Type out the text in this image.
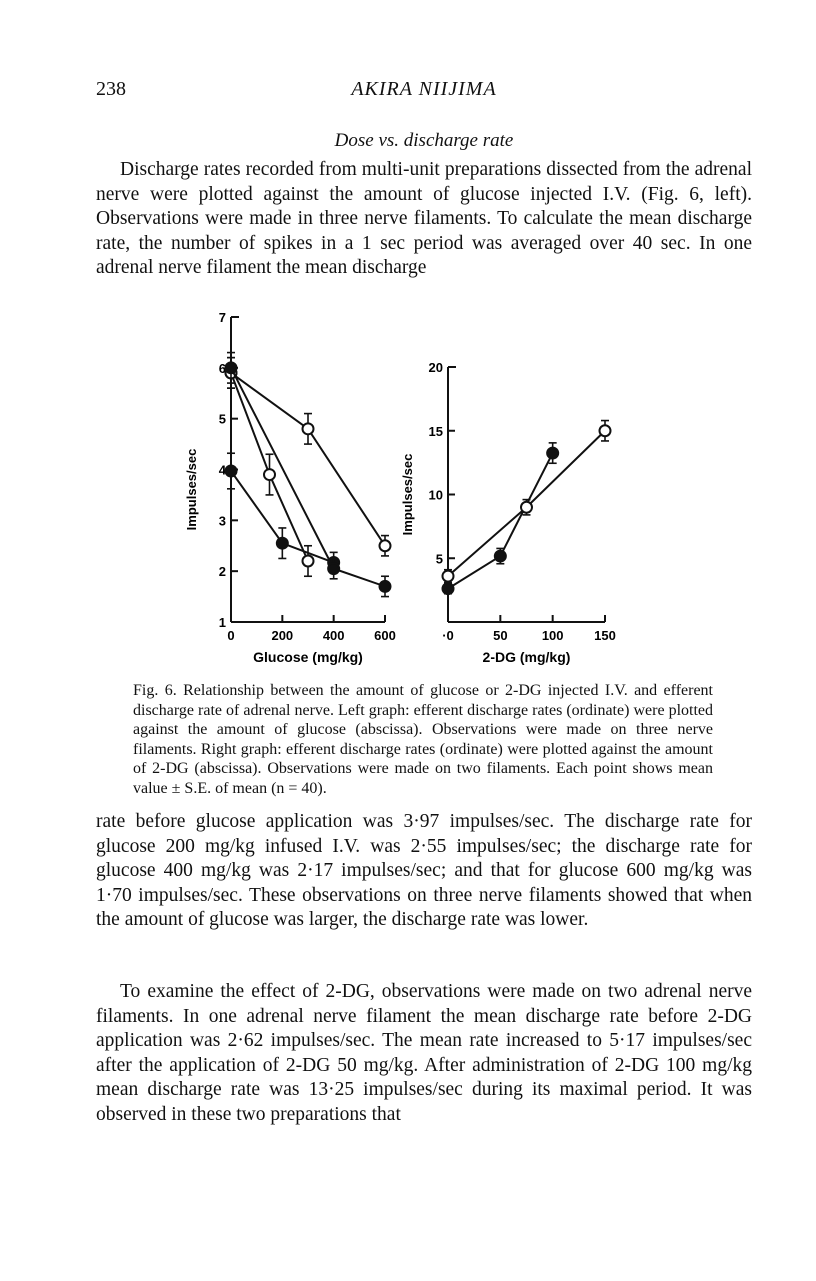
238	AKIRA NIIJIMA
Dose vs. discharge rate
Discharge rates recorded from multi-unit preparations dissected from the adrenal nerve were plotted against the amount of glucose injected I.V. (Fig. 6, left). Observations were made in three nerve filaments. To calculate the mean discharge rate, the number of spikes in a 1 sec period was averaged over 40 sec. In one adrenal nerve filament the mean discharge
1
2
3
4
5
6
7
0	200 400 600
Glucose (mg/kg)
Impulses/sec
5
10
15
20
·0	50	100 150
2-DG (mg/kg)
Impulses/sec
Fig. 6. Relationship between the amount of glucose or 2-DG injected I.V. and efferent discharge rate of adrenal nerve. Left graph: efferent discharge rates (ordinate) were plotted against the amount of glucose (abscissa). Observations were made on three nerve filaments. Right graph: efferent discharge rates (ordinate) were plotted against the amount of 2-DG (abscissa). Observations were made on two filaments. Each point shows mean value ± S.E. of mean (n = 40).
rate before glucose application was 3·97 impulses/sec. The discharge rate for glucose 200 mg/kg infused I.V. was 2·55 impulses/sec; the discharge rate for glucose 400 mg/kg was 2·17 impulses/sec; and that for glucose 600 mg/kg was 1·70 impulses/sec. These observations on three nerve filaments showed that when the amount of glucose was larger, the discharge rate was lower.
To examine the effect of 2-DG, observations were made on two adrenal nerve filaments. In one adrenal nerve filament the mean discharge rate before 2-DG application was 2·62 impulses/sec. The mean rate increased to 5·17 impulses/sec after the application of 2-DG 50 mg/kg. After administration of 2-DG 100 mg/kg mean discharge rate was 13·25 impulses/sec during its maximal period. It was observed in these two preparations that
